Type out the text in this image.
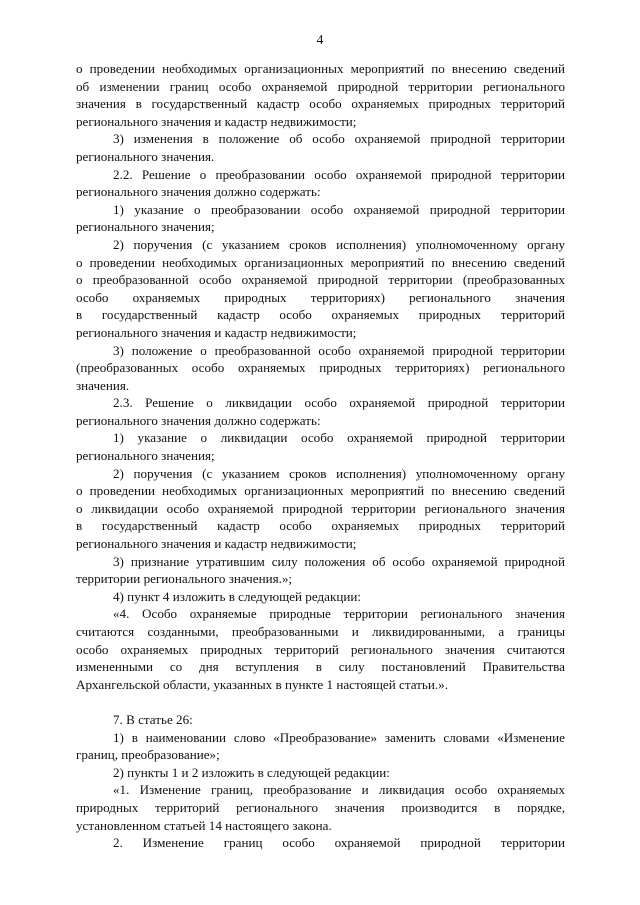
4
о проведении необходимых организационных мероприятий по внесению сведений
об изменении границ особо охраняемой природной территории регионального
значения в государственный кадастр особо охраняемых природных территорий
регионального значения и кадастр недвижимости;
3) изменения в положение об особо охраняемой природной территории
регионального значения.
2.2. Решение о преобразовании особо охраняемой природной территории
регионального значения должно содержать:
1) указание о преобразовании особо охраняемой природной территории
регионального значения;
2) поручения (с указанием сроков исполнения) уполномоченному органу
о проведении необходимых организационных мероприятий по внесению сведений
о преобразованной особо охраняемой природной территории (преобразованных
особо охраняемых природных территориях) регионального значения
в государственный кадастр особо охраняемых природных территорий
регионального значения и кадастр недвижимости;
3) положение о преобразованной особо охраняемой природной территории
(преобразованных особо охраняемых природных территориях) регионального
значения.
2.3. Решение о ликвидации особо охраняемой природной территории
регионального значения должно содержать:
1) указание о ликвидации особо охраняемой природной территории
регионального значения;
2) поручения (с указанием сроков исполнения) уполномоченному органу
о проведении необходимых организационных мероприятий по внесению сведений
о ликвидации особо охраняемой природной территории регионального значения
в государственный кадастр особо охраняемых природных территорий
регионального значения и кадастр недвижимости;
3) признание утратившим силу положения об особо охраняемой природной
территории регионального значения.»;
4) пункт 4 изложить в следующей редакции:
«4. Особо охраняемые природные территории регионального значения
считаются созданными, преобразованными и ликвидированными, а границы
особо охраняемых природных территорий регионального значения считаются
измененными со дня вступления в силу постановлений Правительства
Архангельской области, указанных в пункте 1 настоящей статьи.».
7. В статье 26:
1) в наименовании слово «Преобразование» заменить словами «Изменение
границ, преобразование»;
2) пункты 1 и 2 изложить в следующей редакции:
«1. Изменение границ, преобразование и ликвидация особо охраняемых
природных территорий регионального значения производится в порядке,
установленном статьей 14 настоящего закона.
2. Изменение границ особо охраняемой природной территории
